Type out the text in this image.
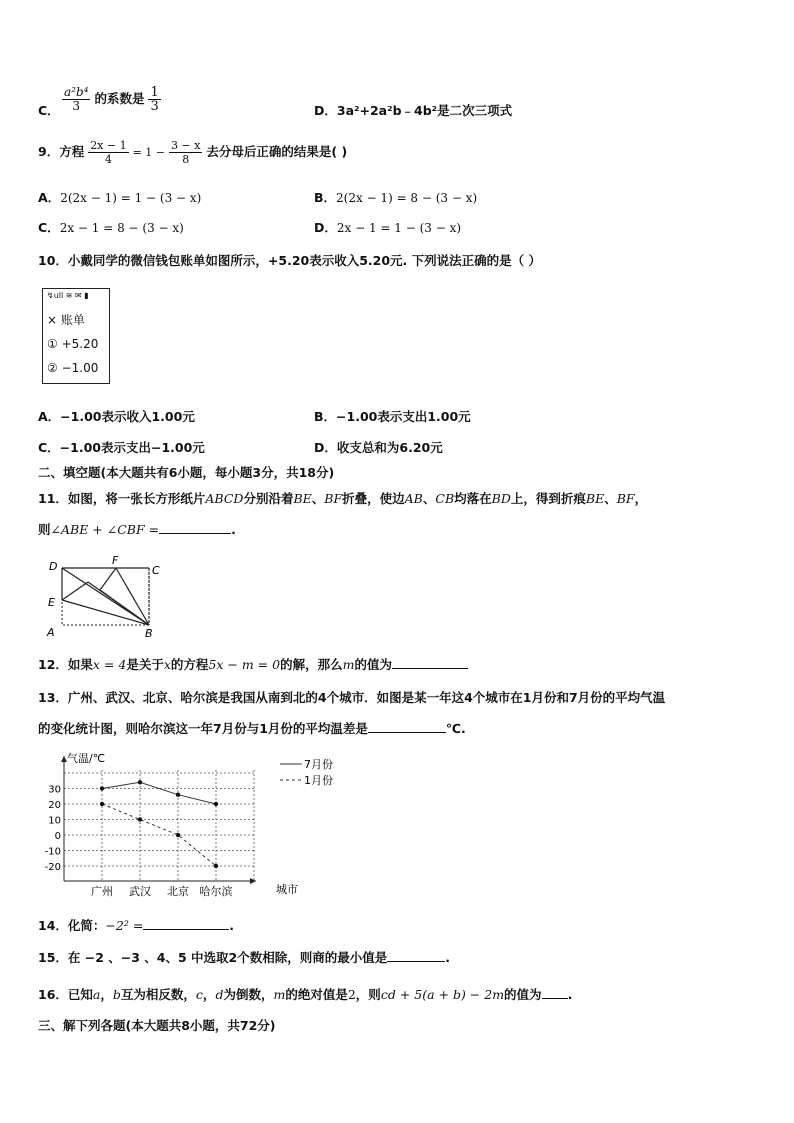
C． $\frac{\text{a²b⁴}}{3}$ 的系数是 $\frac{1}{3}$	D．3a²+2a²b﹣4b²是二次三项式
9．方程 $\frac{2x - 1}{4} = 1 - \frac{3 - x}{8}$ 去分母后正确的结果是( )
A．2(2x − 1) = 1 − (3 − x)	B．2(2x − 1) = 8 − (3 − x)
C．2x − 1 = 8 − (3 − x)	D．2x − 1 = 1 − (3 − x)
10．小戴同学的微信钱包账单如图所示，+5.20表示收入5.20元. 下列说法正确的是（ ）
↯ull ≋ ✉ ▮
× 账单
① +5.20
② −1.00
A．−1.00表示收入1.00元	B．−1.00表示支出1.00元
C．−1.00表示支出−1.00元	D．收支总和为6.20元
二、填空题(本大题共有6小题，每小题3分，共18分)
11．如图，将一张长方形纸片ABCD分别沿着BE、BF折叠，使边AB、CB均落在BD上，得到折痕BE、BF，
则∠ABE + ∠CBF =	.
D	F
C
E
A	B
12．如果x = 4是关于x的方程5x − m = 0的解，那么m的值为
13．广州、武汉、北京、哈尔滨是我国从南到北的4个城市．如图是某一年这4个城市在1月份和7月份的平均气温
的变化统计图，则哈尔滨这一年7月份与1月份的平均温差是	℃.
气温/℃
城市
30
20
10
0
-10
-20
广州 武汉 北京 哈尔滨
7月份
1月份
14．化简：−2² =	.
15．在 −2 、−3 、4、5 中选取2个数相除，则商的最小值是	.
16．已知a，b互为相反数，c，d为倒数，m的绝对值是2，则cd + 5(a + b) − 2m的值为 .
三、解下列各题(本大题共8小题，共72分)
